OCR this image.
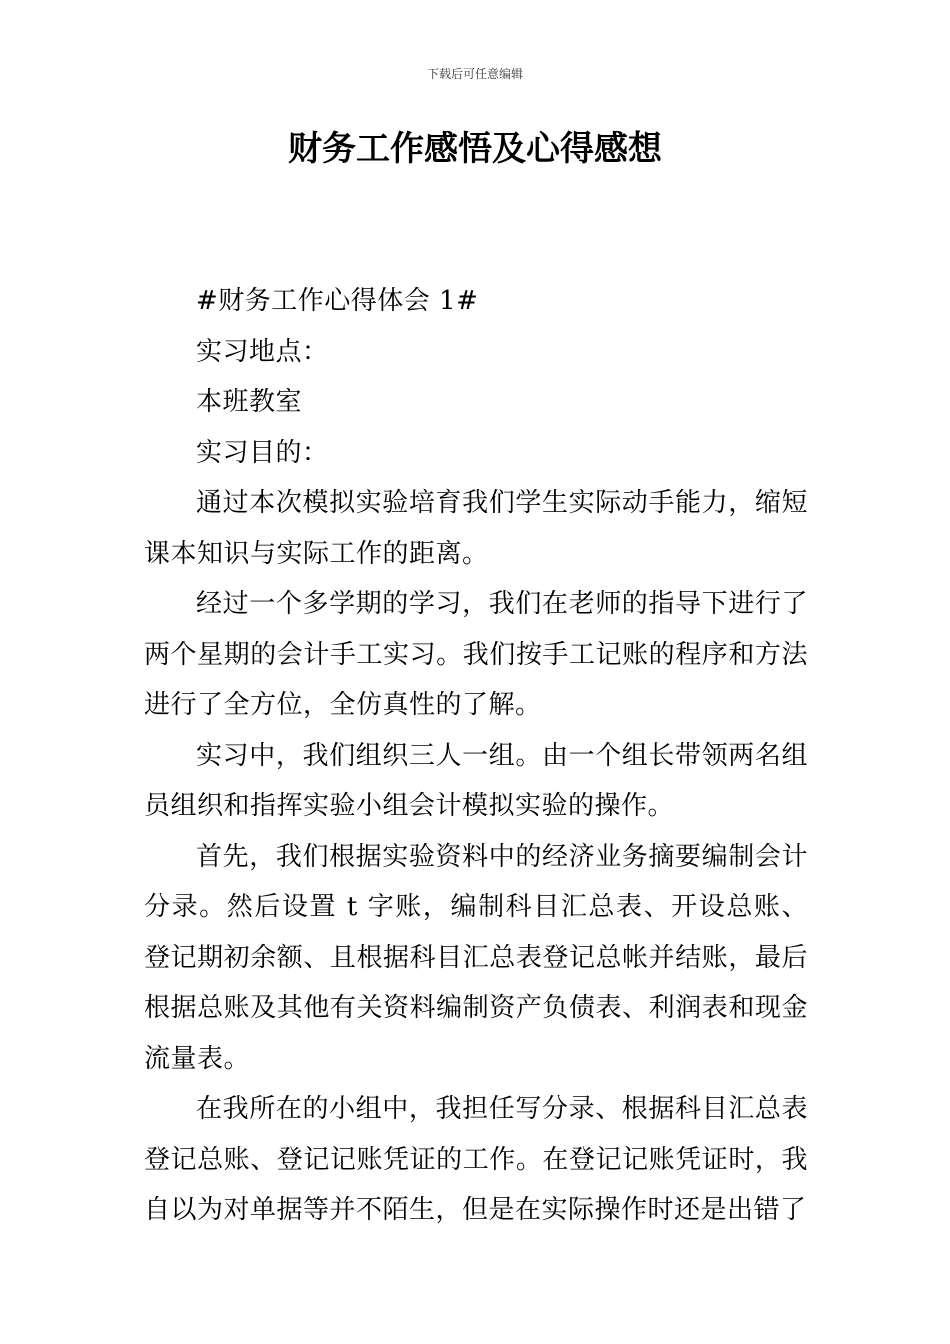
下载后可任意编辑
财务工作感悟及心得感想

#财务工作心得体会 1#

实习地点：

本班教室

实习目的：

通过本次模拟实验培育我们学生实际动手能力，缩短课本知识与实际工作的距离。

经过一个多学期的学习，我们在老师的指导下进行了两个星期的会计手工实习。我们按手工记账的程序和方法进行了全方位，全仿真性的了解。

实习中，我们组织三人一组。由一个组长带领两名组员组织和指挥实验小组会计模拟实验的操作。

首先，我们根据实验资料中的经济业务摘要编制会计分录。然后设置 t 字账，编制科目汇总表、开设总账、登记期初余额、且根据科目汇总表登记总帐并结账，最后根据总账及其他有关资料编制资产负债表、利润表和现金流量表。

在我所在的小组中，我担任写分录、根据科目汇总表登记总账、登记记账凭证的工作。在登记记账凭证时，我自以为对单据等并不陌生，但是在实际操作时还是出错了
